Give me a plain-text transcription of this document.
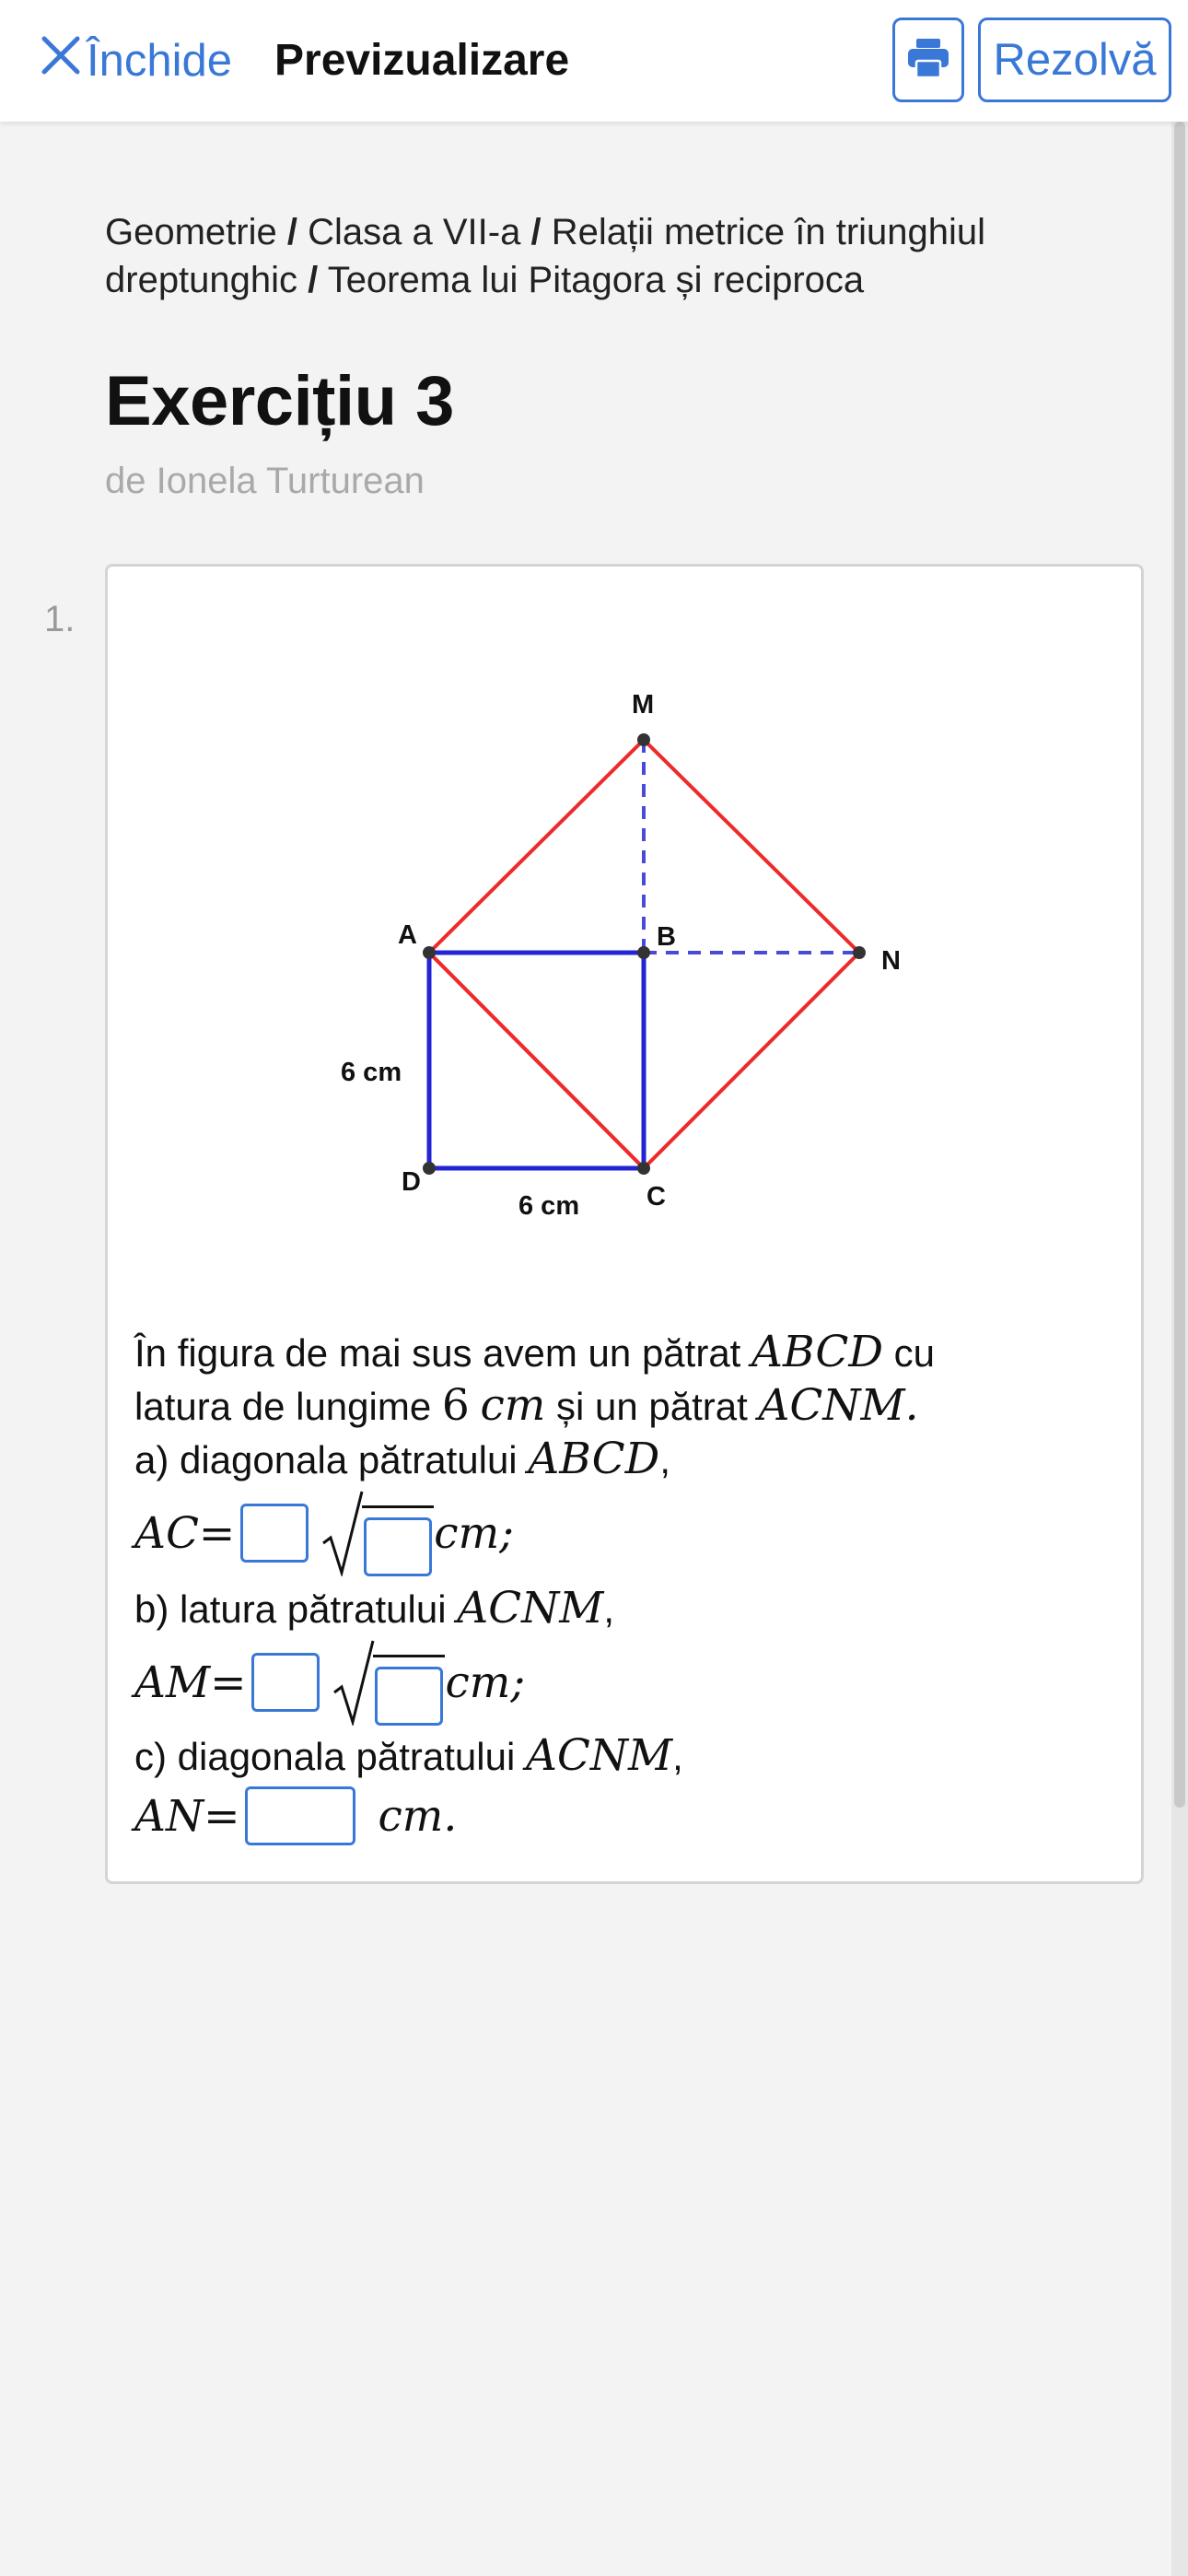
Închide Previzualizare	Rezolvă
Geometrie / Clasa a VII-a / Relații metrice în triunghiul dreptunghic / Teorema lui Pitagora și reciproca
Exercițiu 3
de Ionela Turturean
1.
M
A	B
N
D	C
6 cm
6 cm
În figura de mai sus avem un pătrat ABCD cu
latura de lungime 6 cm și un pătrat ACNM.
a) diagonala pătratului ABCD,
AC =	cm;
b) latura pătratului ACNM,
AM =	cm;
c) diagonala pătratului ACNM,
AN =	cm.
